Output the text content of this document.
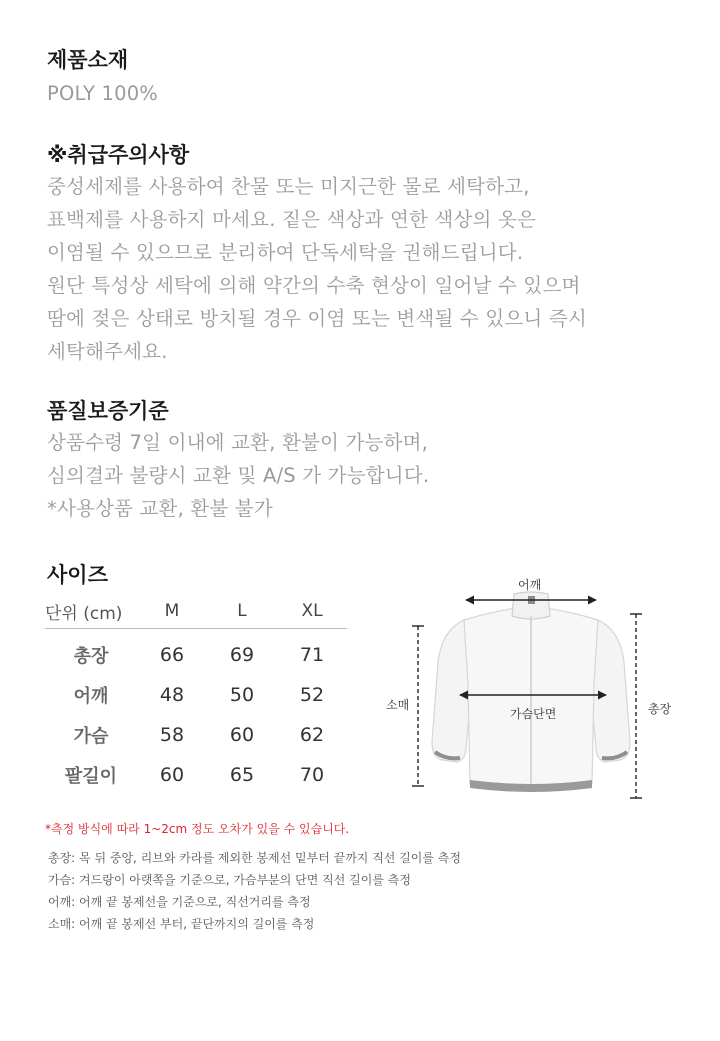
제품소재
POLY 100%
※취급주의사항
중성세제를 사용하여 찬물 또는 미지근한 물로 세탁하고,
표백제를 사용하지 마세요. 짙은 색상과 연한 색상의 옷은
이염될 수 있으므로 분리하여 단독세탁을 권해드립니다.
원단 특성상 세탁에 의해 약간의 수축 현상이 일어날 수 있으며
땀에 젖은 상태로 방치될 경우 이염 또는 변색될 수 있으니 즉시
세탁해주세요.
품질보증기준
상품수령 7일 이내에 교환, 환불이 가능하며,
심의결과 불량시 교환 및 A/S 가 가능합니다.
*사용상품 교환, 환불 불가
사이즈
단위 (cm)	M	L	XL
총장	66	69	71
어깨	48	50	52
가슴	58	60	62
팔길이	60	65	70
어깨
소매
가슴단면	총장
*측정 방식에 따라 1~2cm 정도 오차가 있을 수 있습니다.
총장: 목 뒤 중앙, 리브와 카라를 제외한 봉제선 밑부터 끝까지 직선 길이를 측정
가슴: 겨드랑이 아랫쪽을 기준으로, 가슴부분의 단면 직선 길이를 측정
어깨: 어깨 끝 봉제선을 기준으로, 직선거리를 측정
소매: 어깨 끝 봉제선 부터, 끝단까지의 길이를 측정
